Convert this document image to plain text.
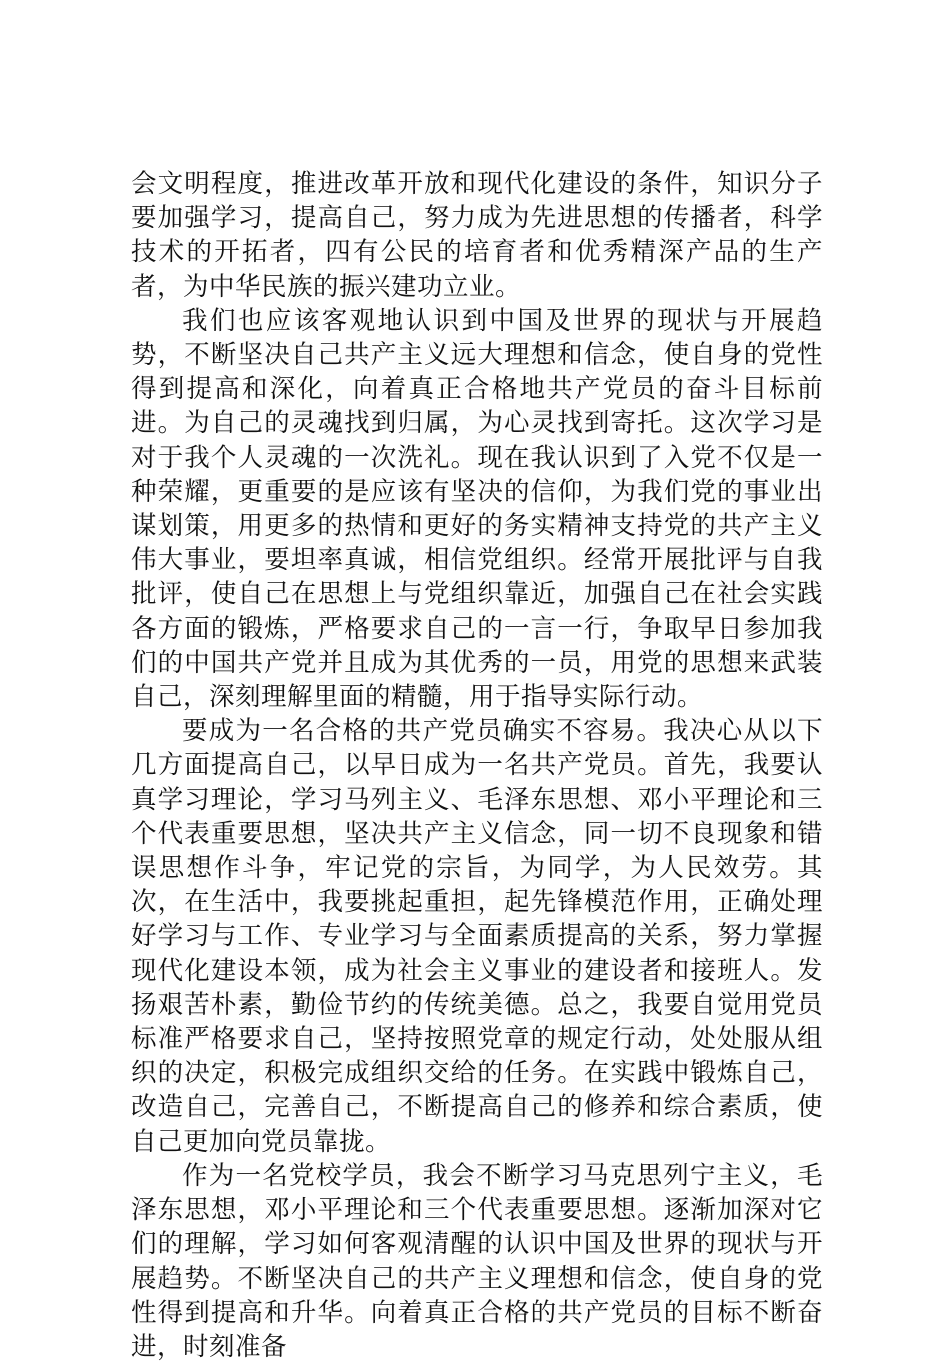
会文明程度，推进改革开放和现代化建设的条件，知识分子要加强学习，提高自己，努力成为先进思想的传播者，科学技术的开拓者，四有公民的培育者和优秀精深产品的生产者，为中华民族的振兴建功立业。

我们也应该客观地认识到中国及世界的现状与开展趋势，不断坚决自己共产主义远大理想和信念，使自身的党性得到提高和深化，向着真正合格地共产党员的奋斗目标前进。为自己的灵魂找到归属，为心灵找到寄托。这次学习是对于我个人灵魂的一次洗礼。现在我认识到了入党不仅是一种荣耀，更重要的是应该有坚决的信仰，为我们党的事业出谋划策，用更多的热情和更好的务实精神支持党的共产主义伟大事业，要坦率真诚，相信党组织。经常开展批评与自我批评，使自己在思想上与党组织靠近，加强自己在社会实践各方面的锻炼，严格要求自己的一言一行，争取早日参加我们的中国共产党并且成为其优秀的一员，用党的思想来武装自己，深刻理解里面的精髓，用于指导实际行动。

要成为一名合格的共产党员确实不容易。我决心从以下几方面提高自己，以早日成为一名共产党员。首先，我要认真学习理论，学习马列主义、毛泽东思想、邓小平理论和三个代表重要思想，坚决共产主义信念，同一切不良现象和错误思想作斗争，牢记党的宗旨，为同学，为人民效劳。其次，在生活中，我要挑起重担，起先锋模范作用，正确处理好学习与工作、专业学习与全面素质提高的关系，努力掌握现代化建设本领，成为社会主义事业的建设者和接班人。发扬艰苦朴素，勤俭节约的传统美德。总之，我要自觉用党员标准严格要求自己，坚持按照党章的规定行动，处处服从组织的决定，积极完成组织交给的任务。在实践中锻炼自己，改造自己，完善自己，不断提高自己的修养和综合素质，使自己更加向党员靠拢。

作为一名党校学员，我会不断学习马克思列宁主义，毛泽东思想，邓小平理论和三个代表重要思想。逐渐加深对它们的理解，学习如何客观清醒的认识中国及世界的现状与开展趋势。不断坚决自己的共产主义理想和信念，使自身的党性得到提高和升华。向着真正合格的共产党员的目标不断奋进，时刻准备
